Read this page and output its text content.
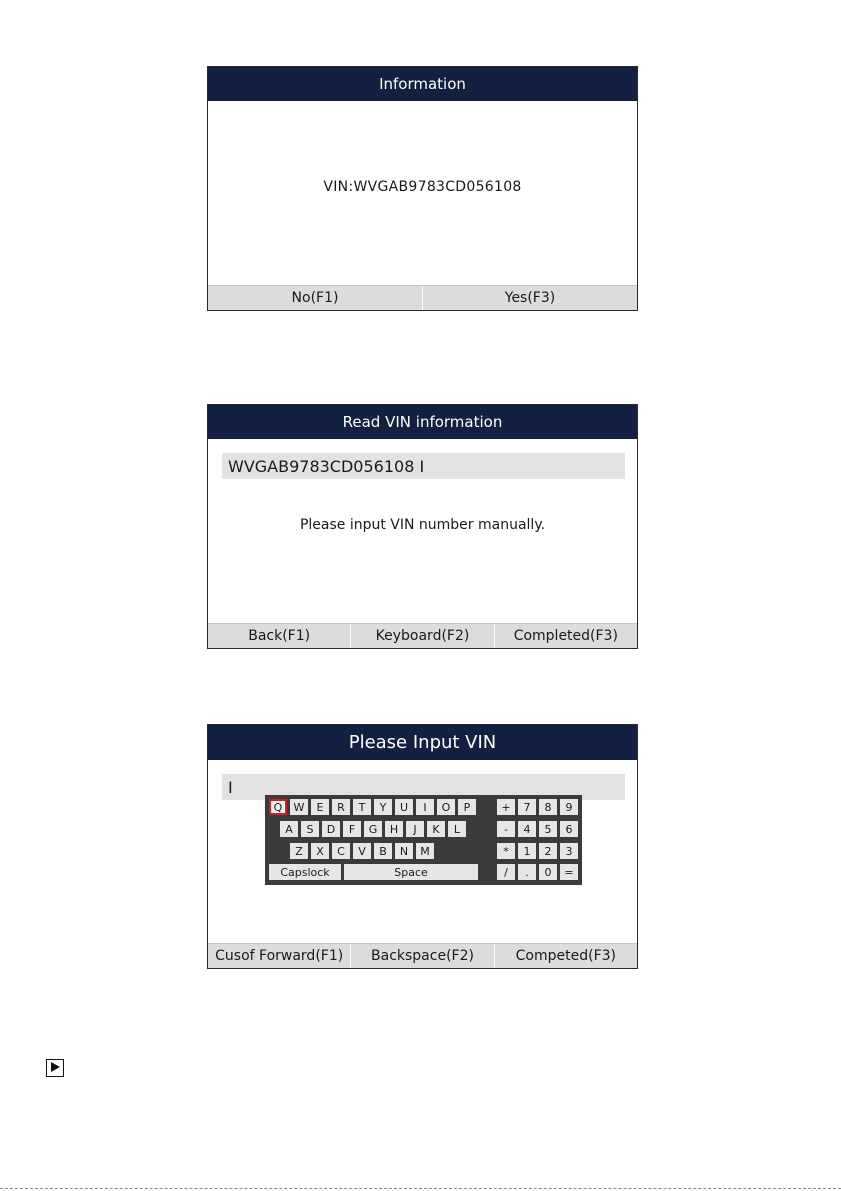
Information
VIN:WVGAB9783CD056108
No(F1)	Yes(F3)
Read VIN information
WVGAB9783CD056108 I
Please input VIN number manually.
Back(F1)	Keyboard(F2)	Completed(F3)
Please Input VIN
I
Q	W	E	R	T	Y	U	I	O	P
A	S	D	F	G	H	J	K	L
Z	X	C	V	B	N	M
Capslock	Space
+	7	8	9
-	4	5	6
*	1	2	3
/	.	0	=
Cusof Forward(F1)	Backspace(F2)	Competed(F3)
